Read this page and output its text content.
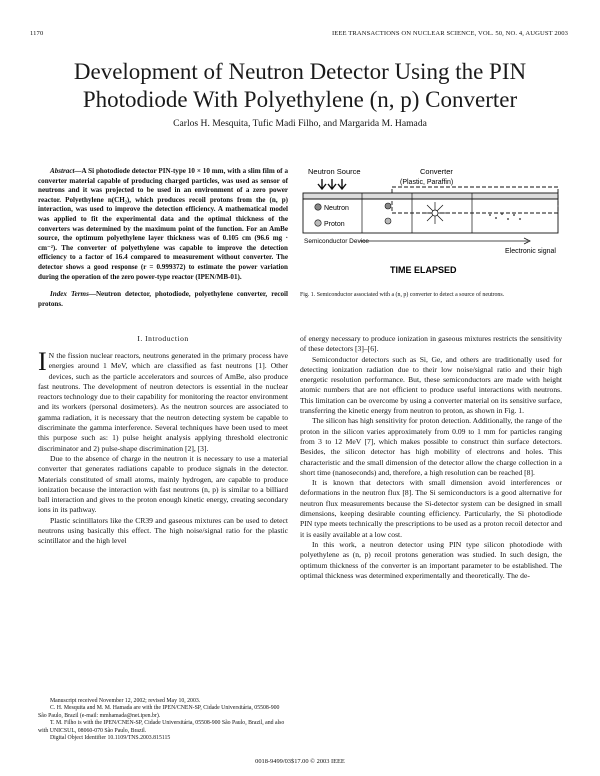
1170	IEEE TRANSACTIONS ON NUCLEAR SCIENCE, VOL. 50, NO. 4, AUGUST 2003
Development of Neutron Detector Using the PIN
Photodiode With Polyethylene (n, p) Converter
Carlos H. Mesquita, Tufic Madi Filho, and Margarida M. Hamada

Abstract—A Si photodiode detector PIN-type 10 × 10 mm, with a slim film of a converter material capable of producing charged particles, was used as sensor of neutrons and it was projected to be used in an environment of a zero power reactor. Polyethylene n(CH₂), which produces recoil protons from the (n, p) interaction, was used to improve the detection efficiency. A mathematical model was applied to fit the experimental data and the optimal thickness of the converters was determined by the maximum point of the function. For an AmBe source, the optimum polyethylene layer thickness was of 0.105 cm (96.6 mg · cm⁻²). The converter of polyethylene was capable to improve the detection efficiency to a factor of 16.4 compared to measurement without converter. The detector shows a good response (r = 0.999372) to estimate the power variation during the operation of the zero power-type reactor (IPEN/MB-01).

Index Terms—Neutron detector, photodiode, polyethylene converter, recoil protons.

I. Introduction

I N the fission nuclear reactors, neutrons generated in the primary process have energies around 1 MeV, which are classified as fast neutrons [1]. Other devices, such as the particle accelerators and sources of AmBe, also produce fast neutrons. The development of neutron detectors is essential in the nuclear reactors technology due to their capability for monitoring the reactor environment and its workers (personal dosimeters). As the neutron sources are associated to gamma radiation, it is necessary that the neutron detecting system be capable to discriminate the gamma interference. Several techniques have been used to meet this purpose such as: 1) pulse height analysis applying threshold electronic discriminator and 2) pulse-shape discrimination [2], [3].

Due to the absence of charge in the neutron it is necessary to use a material converter that generates radiations capable to produce signals in the detector. Materials constituted of small atoms, mainly hydrogen, are capable to produce ionization because the interaction with fast neutrons (n, p) is similar to a billiard ball interaction and gives to the proton enough kinetic energy, creating secondary ions in its pathway.

Plastic scintillators like the CR39 and gaseous mixtures can be used to detect neutrons using basically this effect. The high noise/signal ratio for the plastic scintillator and the high level

Manuscript received November 12, 2002; revised May 10, 2003.

C. H. Mesquita and M. M. Hamada are with the IPEN/CNEN-SP, Cidade Universitária, 05508-900 São Paulo, Brazil (e-mail: mmhamada@net.ipen.br).

T. M. Filho is with the IPEN/CNEN-SP, Cidade Universitária, 05508-900 São Paulo, Brazil, and also with UNICSUL, 08060-070 São Paulo, Brazil.

Digital Object Identifier 10.1109/TNS.2003.815115

Neutron Source	Converter
(Plastic, Paraffin)
Neutron
Proton
Semiconductor Device
Electronic signal
TIME ELAPSED
Fig. 1. Semiconductor associated with a (n, p) converter to detect a source of neutrons.

of energy necessary to produce ionization in gaseous mixtures restricts the sensitivity of these detectors [3]–[6].

Semiconductor detectors such as Si, Ge, and others are traditionally used for detecting ionization radiation due to their low noise/signal ratio and their high energetic resolution performance. But, these semiconductors are made with height atomic numbers that are not efficient to produce useful interactions with neutrons. This limitation can be overcome by using a converter material on its sensitive surface, transferring the kinetic energy from neutron to proton, as shown in Fig. 1.

The silicon has high sensitivity for proton detection. Additionally, the range of the proton in the silicon varies approximately from 0.09 to 1 mm for particles ranging from 3 to 12 MeV [7], which makes possible to construct thin surface detectors. Besides, the silicon detector has high mobility of electrons and holes. This characteristic and the small dimension of the detector allow the charge collection in a short time (nanoseconds) and, therefore, a high resolution can be reached [8].

It is known that detectors with small dimension avoid interferences or deformations in the neutron flux [8]. The Si semiconductors is a good alternative for neutron flux measurements because the Si-detector system can be designed in small dimensions, keeping desirable counting efficiency. Particularly, the Si photodiode PIN type meets technically the prescriptions to be used as a proton recoil detector and it is easily available at a low cost.

In this work, a neutron detector using PIN type silicon photodiode with polyethylene as (n, p) recoil protons generation was studied. In such design, the optimum thickness of the converter is an important parameter to be established. The optimal thickness was determined experimentally and theoretically. The de-

0018-9499/03$17.00 © 2003 IEEE
